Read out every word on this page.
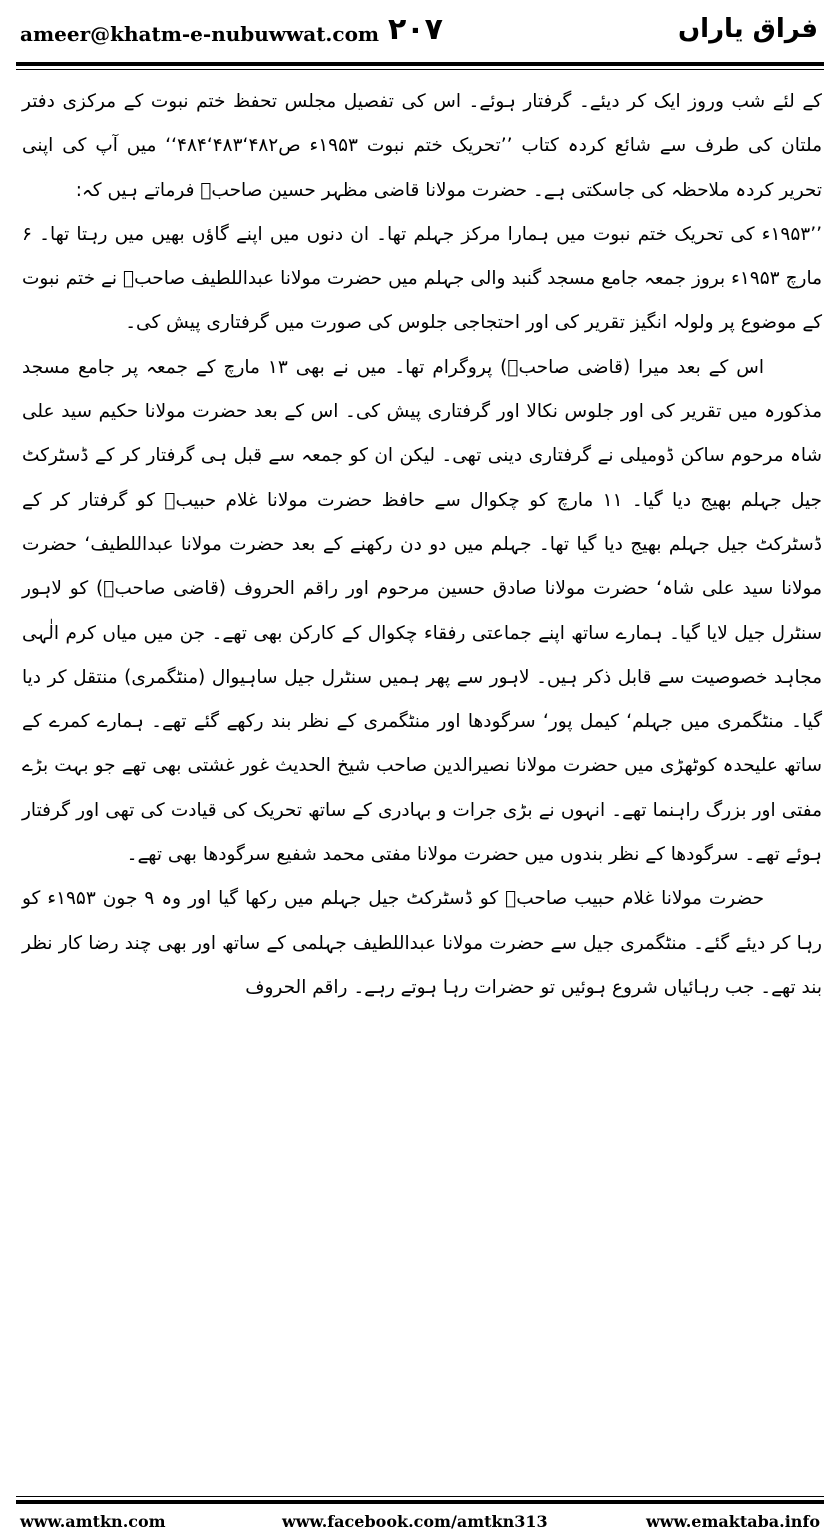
ameer@khatm-e-nubuwwat.com ۲۰۷	فراق یاراں

کے لئے شب وروز ایک کر دیئے۔ گرفتار ہوئے۔ اس کی تفصیل مجلس تحفظ ختم نبوت کے مرکزی دفتر ملتان کی طرف سے شائع کردہ کتاب ’’تحریک ختم نبوت ۱۹۵۳ء ص۴۸۲‘۴۸۳‘۴۸۴‘‘ میں آپ کی اپنی تحریر کردہ ملاحظہ کی جاسکتی ہے۔ حضرت مولانا قاضی مظہر حسین صاحبؒ فرماتے ہیں کہ:

’’۱۹۵۳ء کی تحریک ختم نبوت میں ہمارا مرکز جہلم تھا۔ ان دنوں میں اپنے گاؤں بھیں میں رہتا تھا۔ ۶ مارچ ۱۹۵۳ء بروز جمعہ جامع مسجد گنبد والی جہلم میں حضرت مولانا عبداللطیف صاحبؒ نے ختم نبوت کے موضوع پر ولولہ انگیز تقریر کی اور احتجاجی جلوس کی صورت میں گرفتاری پیش کی۔

اس کے بعد میرا (قاضی صاحبؒ) پروگرام تھا۔ میں نے بھی ۱۳ مارچ کے جمعہ پر جامع مسجد مذکورہ میں تقریر کی اور جلوس نکالا اور گرفتاری پیش کی۔ اس کے بعد حضرت مولانا حکیم سید علی شاہ مرحوم ساکن ڈومیلی نے گرفتاری دینی تھی۔ لیکن ان کو جمعہ سے قبل ہی گرفتار کر کے ڈسٹرکٹ جیل جہلم بھیج دیا گیا۔ ۱۱ مارچ کو چکوال سے حافظ حضرت مولانا غلام حبیبؒ کو گرفتار کر کے ڈسٹرکٹ جیل جہلم بھیج دیا گیا تھا۔ جہلم میں دو دن رکھنے کے بعد حضرت مولانا عبداللطیف‘ حضرت مولانا سید علی شاہ‘ حضرت مولانا صادق حسین مرحوم اور راقم الحروف (قاضی صاحبؒ) کو لاہور سنٹرل جیل لایا گیا۔ ہمارے ساتھ اپنے جماعتی رفقاء چکوال کے کارکن بھی تھے۔ جن میں میاں کرم الٰہی مجاہد خصوصیت سے قابل ذکر ہیں۔ لاہور سے پھر ہمیں سنٹرل جیل ساہیوال (منٹگمری) منتقل کر دیا گیا۔ منٹگمری میں جہلم‘ کیمل پور‘ سرگودھا اور منٹگمری کے نظر بند رکھے گئے تھے۔ ہمارے کمرے کے ساتھ علیحدہ کوٹھڑی میں حضرت مولانا نصیرالدین صاحب شیخ الحدیث غور غشتی بھی تھے جو بہت بڑے مفتی اور بزرگ راہنما تھے۔ انہوں نے بڑی جرات و بہادری کے ساتھ تحریک کی قیادت کی تھی اور گرفتار ہوئے تھے۔ سرگودھا کے نظر بندوں میں حضرت مولانا مفتی محمد شفیع سرگودھا بھی تھے۔

حضرت مولانا غلام حبیب صاحبؒ کو ڈسٹرکٹ جیل جہلم میں رکھا گیا اور وہ ۹ جون ۱۹۵۳ء کو رہا کر دیئے گئے۔ منٹگمری جیل سے حضرت مولانا عبداللطیف جہلمی کے ساتھ اور بھی چند رضا کار نظر بند تھے۔ جب رہائیاں شروع ہوئیں تو حضرات رہا ہوتے رہے۔ راقم الحروف

www.amtkn.com	www.facebook.com/amtkn313	www.emaktaba.info
